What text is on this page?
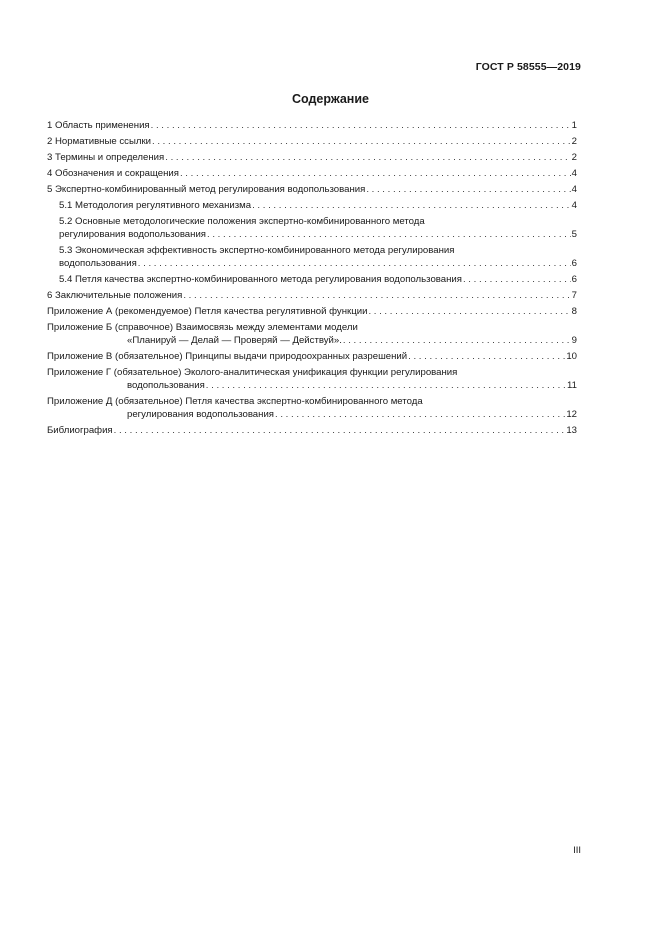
ГОСТ Р 58555—2019
Содержание
1 Область применения . . .	1
2 Нормативные ссылки . . .	2
3 Термины и определения . . .	2
4 Обозначения и сокращения . . .	4
5 Экспертно-комбинированный метод регулирования водопользования . . .	4
5.1 Методология регулятивного механизма . . .	4
5.2 Основные методологические положения экспертно-комбинированного метода
регулирования водопользования . . .	5
5.3 Экономическая эффективность экспертно-комбинированного метода регулирования
водопользования . . .	6
5.4 Петля качества экспертно-комбинированного метода регулирования водопользования . . .	6
6 Заключительные положения . . .	7
Приложение А (рекомендуемое) Петля качества регулятивной функции . . .	8
Приложение Б (справочное) Взаимосвязь между элементами модели
«Планируй — Делай — Проверяй — Действуй». . . .	9
Приложение В (обязательное) Принципы выдачи природоохранных разрешений . . .	10
Приложение Г (обязательное) Эколого-аналитическая унификация функции регулирования
водопользования . . .	11
Приложение Д (обязательное) Петля качества экспертно-комбинированного метода
регулирования водопользования . . .	12
Библиография . . .	13
III
